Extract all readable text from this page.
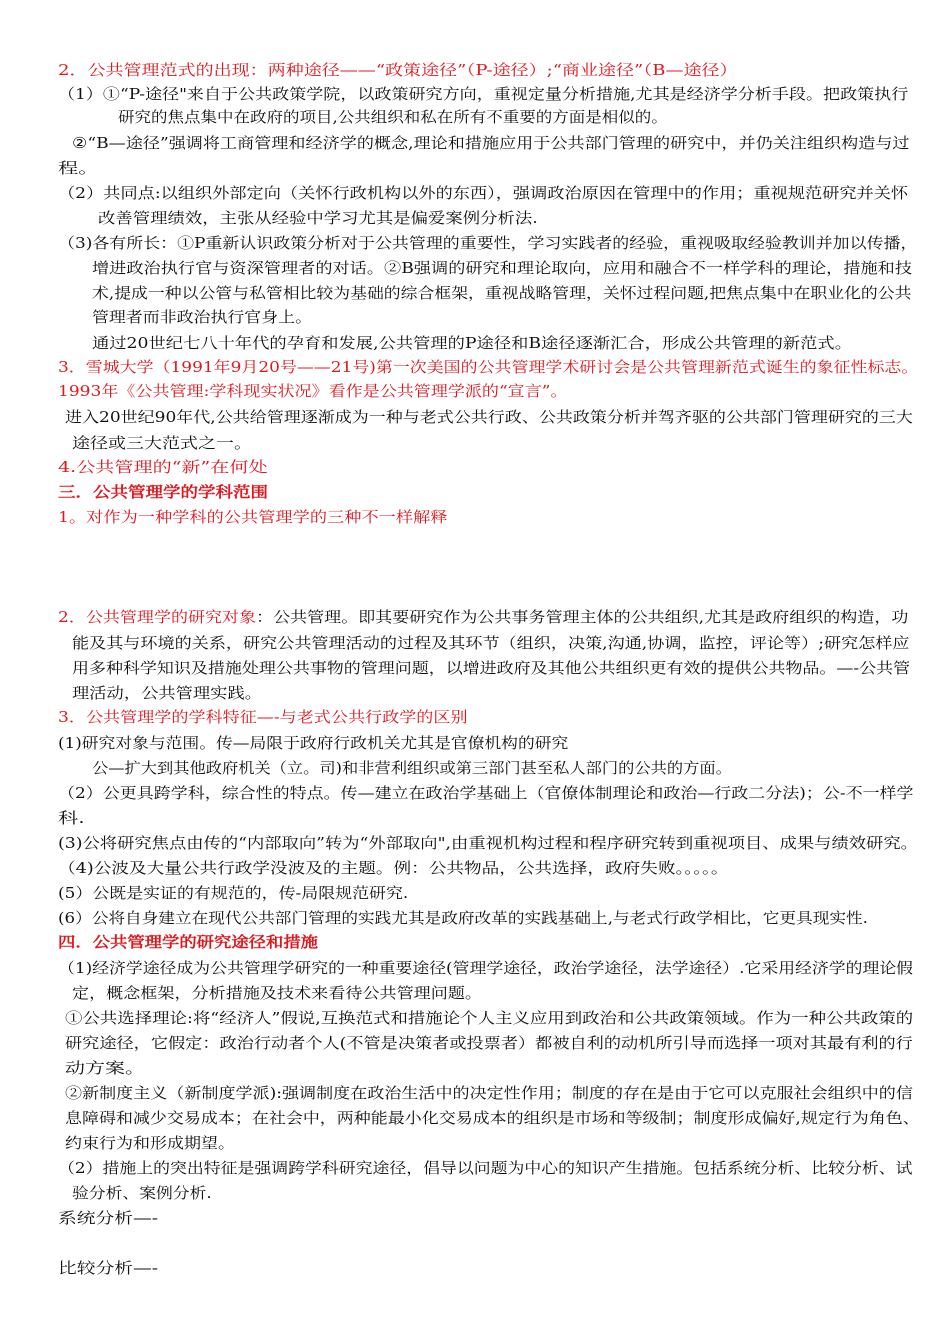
2．公共管理范式的出现：两种途径——“政策途径”（P-途径）;“商业途径”（B—途径）
（1）①“P-途径"来自于公共政策学院，以政策研究方向，重视定量分析措施,尤其是经济学分析手段。把政策执行
研究的焦点集中在政府的项目,公共组织和私在所有不重要的方面是相似的。
②“B—途径”强调将工商管理和经济学的概念,理论和措施应用于公共部门管理的研究中，并仍关注组织构造与过
程。
（2）共同点:以组织外部定向（关怀行政机构以外的东西），强调政治原因在管理中的作用；重视规范研究并关怀
改善管理绩效，主张从经验中学习尤其是偏爱案例分析法.
（3)各有所长：①P重新认识政策分析对于公共管理的重要性，学习实践者的经验，重视吸取经验教训并加以传播，
增进政治执行官与资深管理者的对话。②B强调的研究和理论取向，应用和融合不一样学科的理论，措施和技
术,提成一种以公管与私管相比较为基础的综合框架，重视战略管理，关怀过程问题,把焦点集中在职业化的公共
管理者而非政治执行官身上。
通过20世纪七八十年代的孕育和发展,公共管理的P途径和B途径逐渐汇合，形成公共管理的新范式。
3．雪城大学（1991年9月20号——21号)第一次美国的公共管理学术研讨会是公共管理新范式诞生的象征性标志。
1993年《公共管理:学科现实状况》看作是公共管理学派的“宣言”。
进入20世纪90年代,公共给管理逐渐成为一种与老式公共行政、公共政策分析并驾齐驱的公共部门管理研究的三大
途径或三大范式之一。
4.公共管理的“新”在何处
三．公共管理学的学科范围
1。对作为一种学科的公共管理学的三种不一样解释
2．公共管理学的研究对象：公共管理。即其要研究作为公共事务管理主体的公共组织,尤其是政府组织的构造，功
能及其与环境的关系，研究公共管理活动的过程及其环节（组织，决策,沟通,协调，监控，评论等）;研究怎样应
用多种科学知识及措施处理公共事物的管理问题，以增进政府及其他公共组织更有效的提供公共物品。—-公共管
理活动，公共管理实践。
3．公共管理学的学科特征—-与老式公共行政学的区别
(1)研究对象与范围。传—局限于政府行政机关尤其是官僚机构的研究
公—扩大到其他政府机关（立。司)和非营利组织或第三部门甚至私人部门的公共的方面。
（2）公更具跨学科，综合性的特点。传—建立在政治学基础上（官僚体制理论和政治—行政二分法)；公-不一样学
科.
(3)公将研究焦点由传的“内部取向”转为“外部取向",由重视机构过程和程序研究转到重视项目、成果与绩效研究。
（4)公波及大量公共行政学没波及的主题。例：公共物品，公共选择，政府失败。。。。。
(5）公既是实证的有规范的，传-局限规范研究.
(6）公将自身建立在现代公共部门管理的实践尤其是政府改革的实践基础上,与老式行政学相比，它更具现实性.
四．公共管理学的研究途径和措施
（1)经济学途径成为公共管理学研究的一种重要途径(管理学途径，政治学途径，法学途径）.它采用经济学的理论假
定，概念框架，分析措施及技术来看待公共管理问题。
①公共选择理论:将“经济人”假说,互换范式和措施论个人主义应用到政治和公共政策领域。作为一种公共政策的
研究途径，它假定：政治行动者个人(不管是决策者或投票者）都被自利的动机所引导而选择一项对其最有利的行
动方案。
②新制度主义（新制度学派):强调制度在政治生活中的决定性作用；制度的存在是由于它可以克服社会组织中的信
息障碍和减少交易成本；在社会中，两种能最小化交易成本的组织是市场和等级制；制度形成偏好,规定行为角色、
约束行为和形成期望。
（2）措施上的突出特征是强调跨学科研究途径，倡导以问题为中心的知识产生措施。包括系统分析、比较分析、试
验分析、案例分析.
系统分析—-
比较分析—-
